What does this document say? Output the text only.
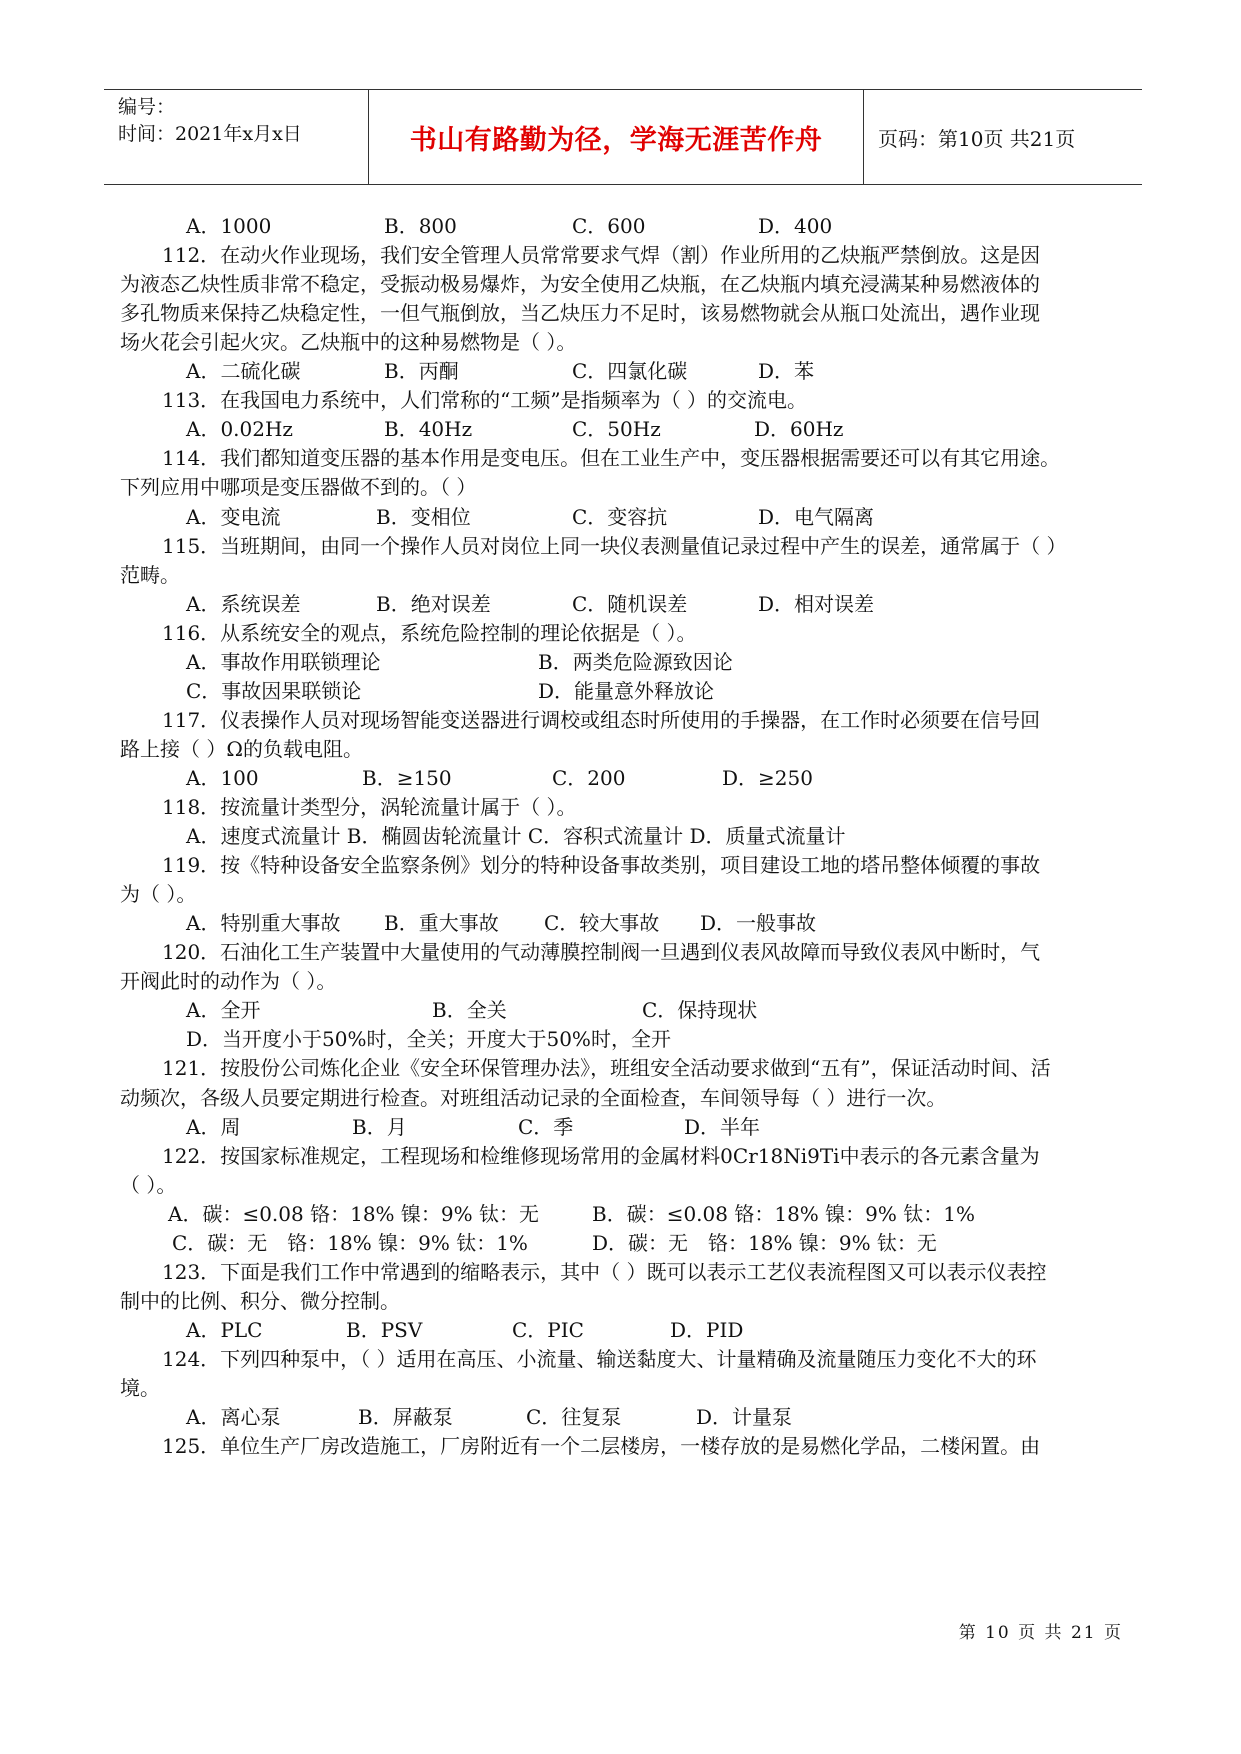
编号：
时间：2021年x月x日	书山有路勤为径，学海无涯苦作舟	页码：第10页 共21页
A．1000	B．800	C．600	D．400
112．在动火作业现场，我们安全管理人员常常要求气焊（割）作业所用的乙炔瓶严禁倒放。这是因
为液态乙炔性质非常不稳定，受振动极易爆炸，为安全使用乙炔瓶，在乙炔瓶内填充浸满某种易燃液体的
多孔物质来保持乙炔稳定性，一但气瓶倒放，当乙炔压力不足时，该易燃物就会从瓶口处流出，遇作业现
场火花会引起火灾。乙炔瓶中的这种易燃物是（ ）。
A．二硫化碳	B．丙酮	C．四氯化碳	D．苯
113．在我国电力系统中，人们常称的“工频”是指频率为（ ）的交流电。
A．0.02Hz	B．40Hz	C．50Hz	D．60Hz
114．我们都知道变压器的基本作用是变电压。但在工业生产中，变压器根据需要还可以有其它用途。
下列应用中哪项是变压器做不到的。（ ）
A．变电流	B．变相位	C．变容抗	D．电气隔离
115．当班期间，由同一个操作人员对岗位上同一块仪表测量值记录过程中产生的误差，通常属于（ ）
范畴。
A．系统误差	B．绝对误差	C．随机误差	D．相对误差
116．从系统安全的观点，系统危险控制的理论依据是（ ）。
A．事故作用联锁理论	B．两类危险源致因论
C．事故因果联锁论	D．能量意外释放论
117．仪表操作人员对现场智能变送器进行调校或组态时所使用的手操器，在工作时必须要在信号回
路上接（ ）Ω的负载电阻。
A．100	B．≥150	C．200	D．≥250
118．按流量计类型分，涡轮流量计属于（ ）。
A．速度式流量计 B．椭圆齿轮流量计 C．容积式流量计 D．质量式流量计
119．按《特种设备安全监察条例》划分的特种设备事故类别，项目建设工地的塔吊整体倾覆的事故
为（ ）。
A．特别重大事故 B．重大事故 C．较大事故 D．一般事故
120．石油化工生产装置中大量使用的气动薄膜控制阀一旦遇到仪表风故障而导致仪表风中断时，气
开阀此时的动作为（ ）。
A．全开	B．全关	C．保持现状
D．当开度小于50%时，全关；开度大于50%时，全开
121．按股份公司炼化企业《安全环保管理办法》，班组安全活动要求做到“五有”，保证活动时间、活
动频次，各级人员要定期进行检查。对班组活动记录的全面检查，车间领导每（ ）进行一次。
A．周	B．月	C．季	D．半年
122．按国家标准规定，工程现场和检维修现场常用的金属材料0Cr18Ni9Ti中表示的各元素含量为
（ ）。
A．碳：≤0.08 铬：18% 镍：9% 钛：无	B．碳：≤0.08 铬：18% 镍：9% 钛：1%
C．碳：无　铬：18% 镍：9% 钛：1%	D．碳：无　铬：18% 镍：9% 钛：无
123．下面是我们工作中常遇到的缩略表示，其中（ ）既可以表示工艺仪表流程图又可以表示仪表控
制中的比例、积分、微分控制。
A．PLC	B．PSV	C．PIC	D．PID
124．下列四种泵中，（ ）适用在高压、小流量、输送黏度大、计量精确及流量随压力变化不大的环
境。
A．离心泵	B．屏蔽泵	C．往复泵	D．计量泵
125．单位生产厂房改造施工，厂房附近有一个二层楼房，一楼存放的是易燃化学品，二楼闲置。由
第 10 页 共 21 页
